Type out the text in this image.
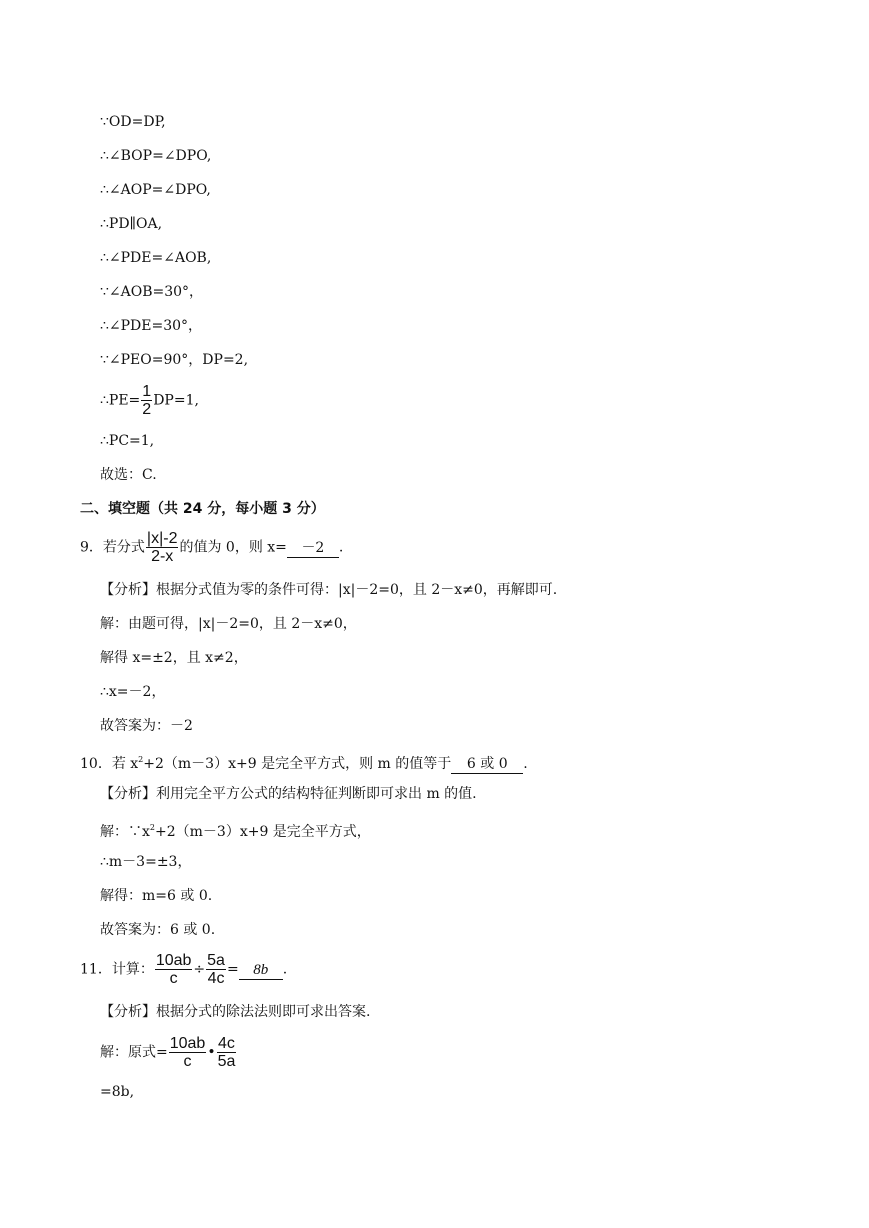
∵OD=DP,
∴∠BOP=∠DPO,
∴∠AOP=∠DPO,
∴PD∥OA,
∴∠PDE=∠AOB,
∵∠AOB=30°，
∴∠PDE=30°，
∵∠PEO=90°，DP=2,
∴PE= $\frac{1}{2} DP=1$,
∴PC=1,
故选：C.
二、填空题（共 24 分，每小题 3 分）
9．若分式 $\frac{|x|-2}{2-x}$ 的值为 0，则 x= －2 .
【分析】根据分式值为零的条件可得：|x|－2=0，且 2－x≠0，再解即可.
解：由题可得，|x|－2=0，且 2－x≠0，
解得 x=±2，且 x≠2，
∴x=－2，
故答案为：－2
10．若 $x^2+2(m-3)x+9$ 是完全平方式，则 m 的值等于 6 或 0 .
【分析】利用完全平方公式的结构特征判断即可求出 m 的值.
解：$\because x^2+2(m-3)x+9$ 是完全平方式，
∴m－3=±3，
解得：m=6 或 0.
故答案为：6 或 0.
11．计算： $\frac{10ab}{c} \div \frac{5a}{4c} = 8b$ .
【分析】根据分式的除法法则即可求出答案.
解：原式= $\frac{10ab}{c}$ • $\frac{4c}{5a}$
=8b,
